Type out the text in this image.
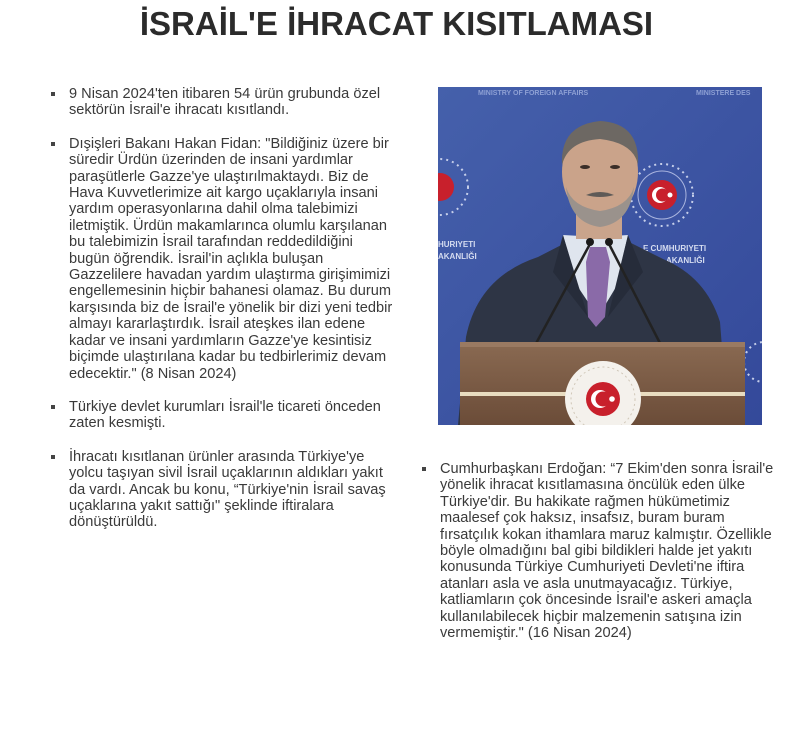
İSRAİL'E İHRACAT KISITLAMASI
9 Nisan 2024'ten itibaren 54 ürün grubunda özel sektörün İsrail'e ihracatı kısıtlandı.
Dışişleri Bakanı Hakan Fidan: "Bildiğiniz üzere bir süredir Ürdün üzerinden de insani yardımlar paraşütlerle Gazze'ye ulaştırılmaktaydı. Biz de Hava Kuvvetlerimize ait kargo uçaklarıyla insani yardım operasyonlarına dahil olma talebimizi iletmiştik. Ürdün makamlarınca olumlu karşılanan bu talebimizin İsrail tarafından reddedildiğini bugün öğrendik. İsrail'in açlıkla buluşan Gazzelilere havadan yardım ulaştırma girişimimizi engellemesinin hiçbir bahanesi olamaz. Bu durum karşısında biz de İsrail'e yönelik bir dizi yeni tedbir almayı kararlaştırdık. İsrail ateşkes ilan edene kadar ve insani yardımların Gazze'ye kesintisiz biçimde ulaştırılana kadar bu tedbirlerimiz devam edecektir." (8 Nisan 2024)
Türkiye devlet kurumları İsrail'le ticareti önceden zaten kesmişti.
İhracatı kısıtlanan ürünler arasında Türkiye'ye yolcu taşıyan sivil İsrail uçaklarının aldıkları yakıt da vardı. Ancak bu konu, “Türkiye'nin İsrail savaş uçaklarına yakıt sattığı" şeklinde iftiralara dönüştürüldü.
MINISTRY OF FOREIGN AFFAIRS	MINISTERE DES
HURIYETI
AKANLIĞI
E CUMHURIYETI
AKANLIĞI
Cumhurbaşkanı Erdoğan: “7 Ekim'den sonra İsrail'e yönelik ihracat kısıtlamasına öncülük eden ülke Türkiye'dir. Bu hakikate rağmen hükümetimiz maalesef çok haksız, insafsız, buram buram fırsatçılık kokan ithamlara maruz kalmıştır. Özellikle böyle olmadığını bal gibi bildikleri halde jet yakıtı konusunda Türkiye Cumhuriyeti Devleti'ne iftira atanları asla ve asla unutmayacağız. Türkiye, katliamların çok öncesinde İsrail'e askeri amaçla kullanılabilecek hiçbir malzemenin satışına izin vermemiştir." (16 Nisan 2024)
